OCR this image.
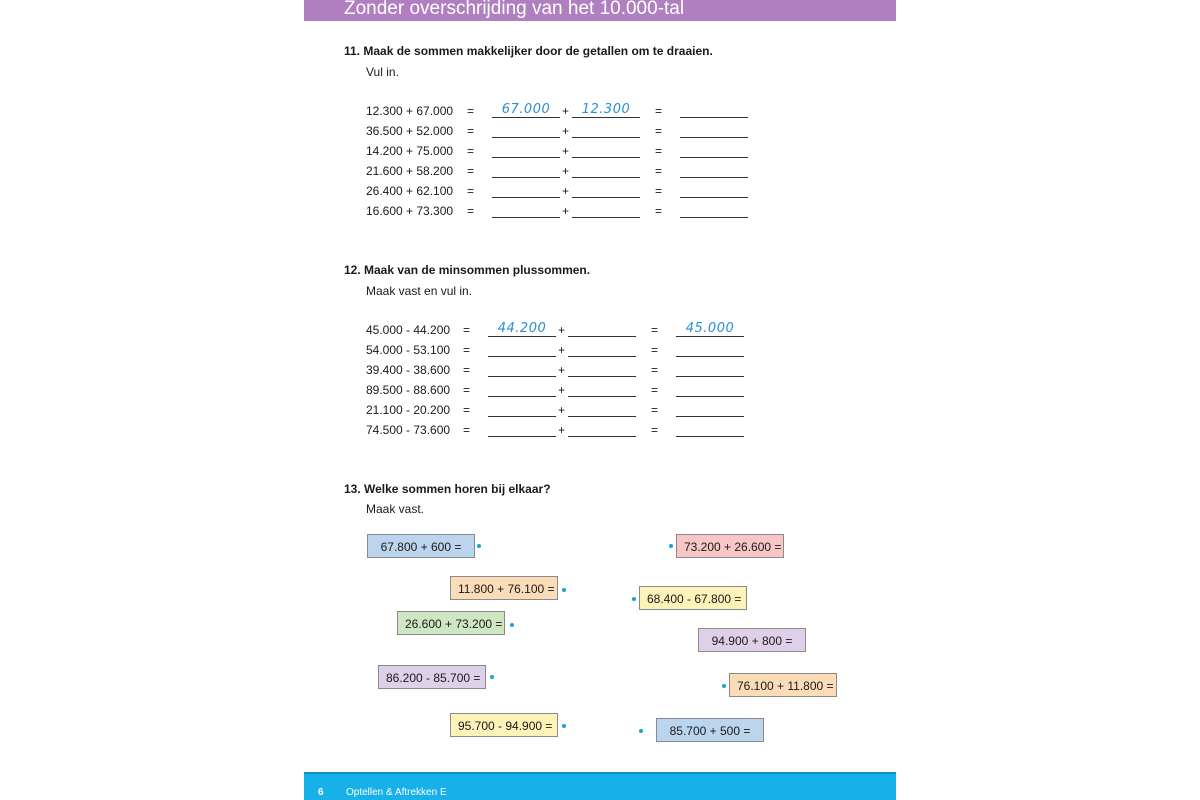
Zonder overschrijding van het 10.000-tal
11. Maak de sommen makkelijker door de getallen om te draaien.
Vul in.
12.300 + 67.000 =	67.000 + 12.300	=
36.500 + 52.000 =	+	=
14.200 + 75.000 =	+	=
21.600 + 58.200 =	+	=
26.400 + 62.100 =	+	=
16.600 + 73.300 =	+	=
12. Maak van de minsommen plussommen.
Maak vast en vul in.
45.000 - 44.200 =	44.200 +	=	45.000
54.000 - 53.100 =	+	=
39.400 - 38.600 =	+	=
89.500 - 88.600 =	+	=
21.100 - 20.200 =	+	=
74.500 - 73.600 =	+	=
13. Welke sommen horen bij elkaar?
Maak vast.
67.800 + 600 =
11.800 + 76.100 =
26.600 + 73.200 =
86.200 - 85.700 =
95.700 - 94.900 =
73.200 + 26.600 =
68.400 - 67.800 =
94.900 + 800 =
76.100 + 11.800 =
85.700 + 500 =
6 Optellen & Aftrekken E
